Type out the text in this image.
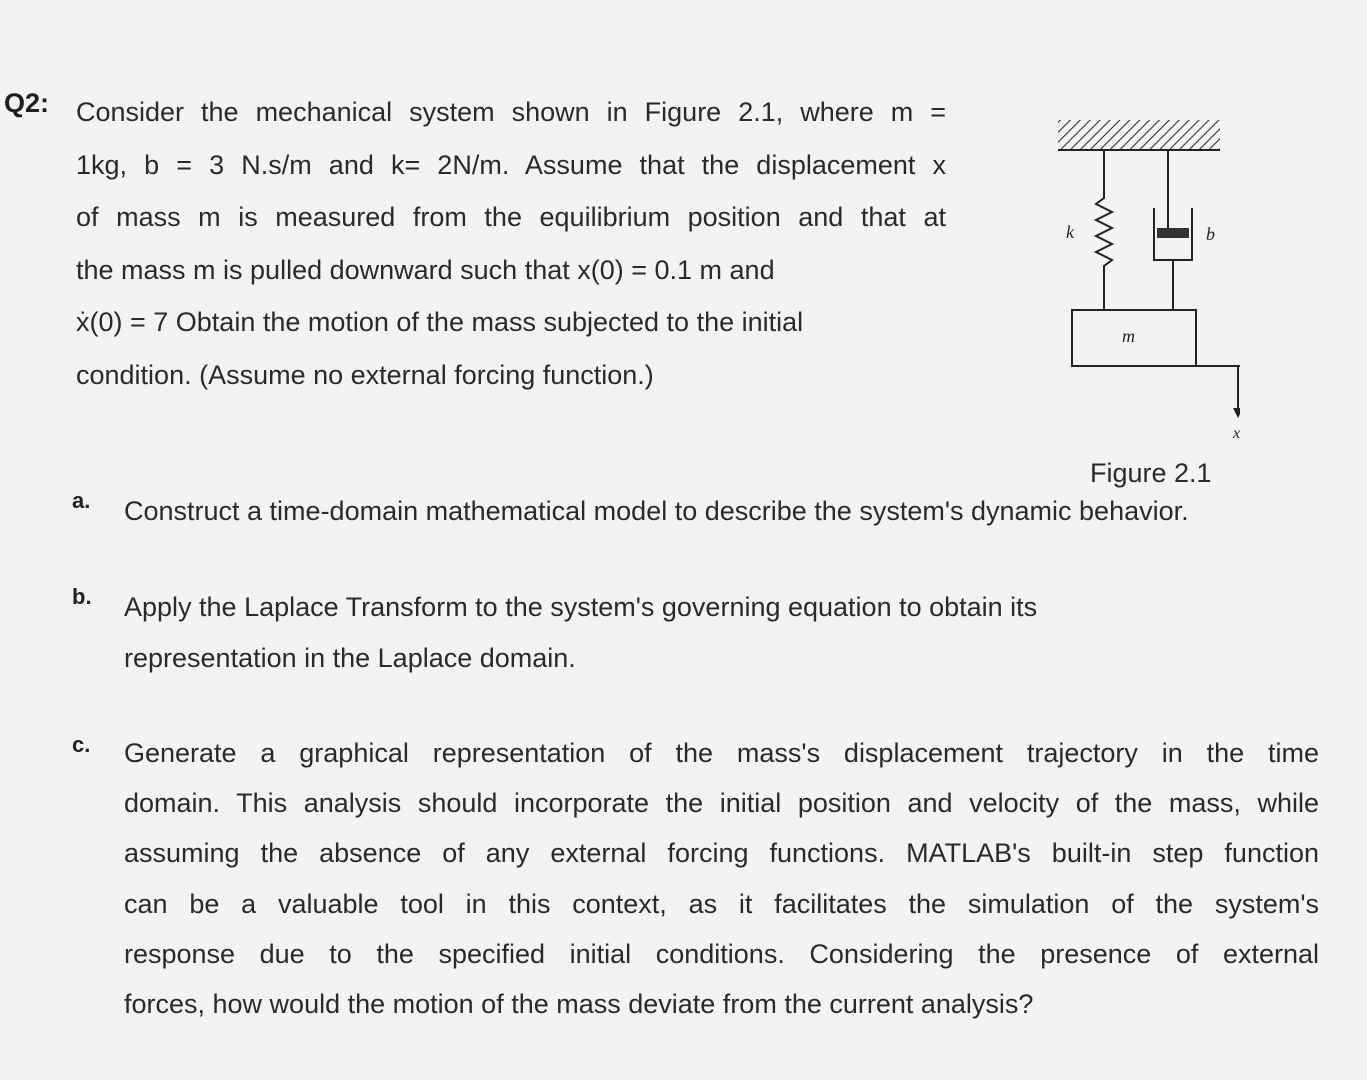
Q2: Consider the mechanical system shown in Figure 2.1, where m =
1kg, b = 3 N.s/m and k= 2N/m. Assume that the displacement x
of mass m is measured from the equilibrium position and that at
the mass m is pulled downward such that x(0) = 0.1 m and
ẋ(0) = 7 Obtain the motion of the mass subjected to the initial
condition. (Assume no external forcing function.)
k	b
m
x
Figure 2.1
a. Construct a time-domain mathematical model to describe the system's dynamic behavior.
b. Apply the Laplace Transform to the system's governing equation to obtain its
representation in the Laplace domain.
c. Generate a graphical representation of the mass's displacement trajectory in the time
domain. This analysis should incorporate the initial position and velocity of the mass, while
assuming the absence of any external forcing functions. MATLAB's built-in step function
can be a valuable tool in this context, as it facilitates the simulation of the system's
response due to the specified initial conditions. Considering the presence of external
forces, how would the motion of the mass deviate from the current analysis?
